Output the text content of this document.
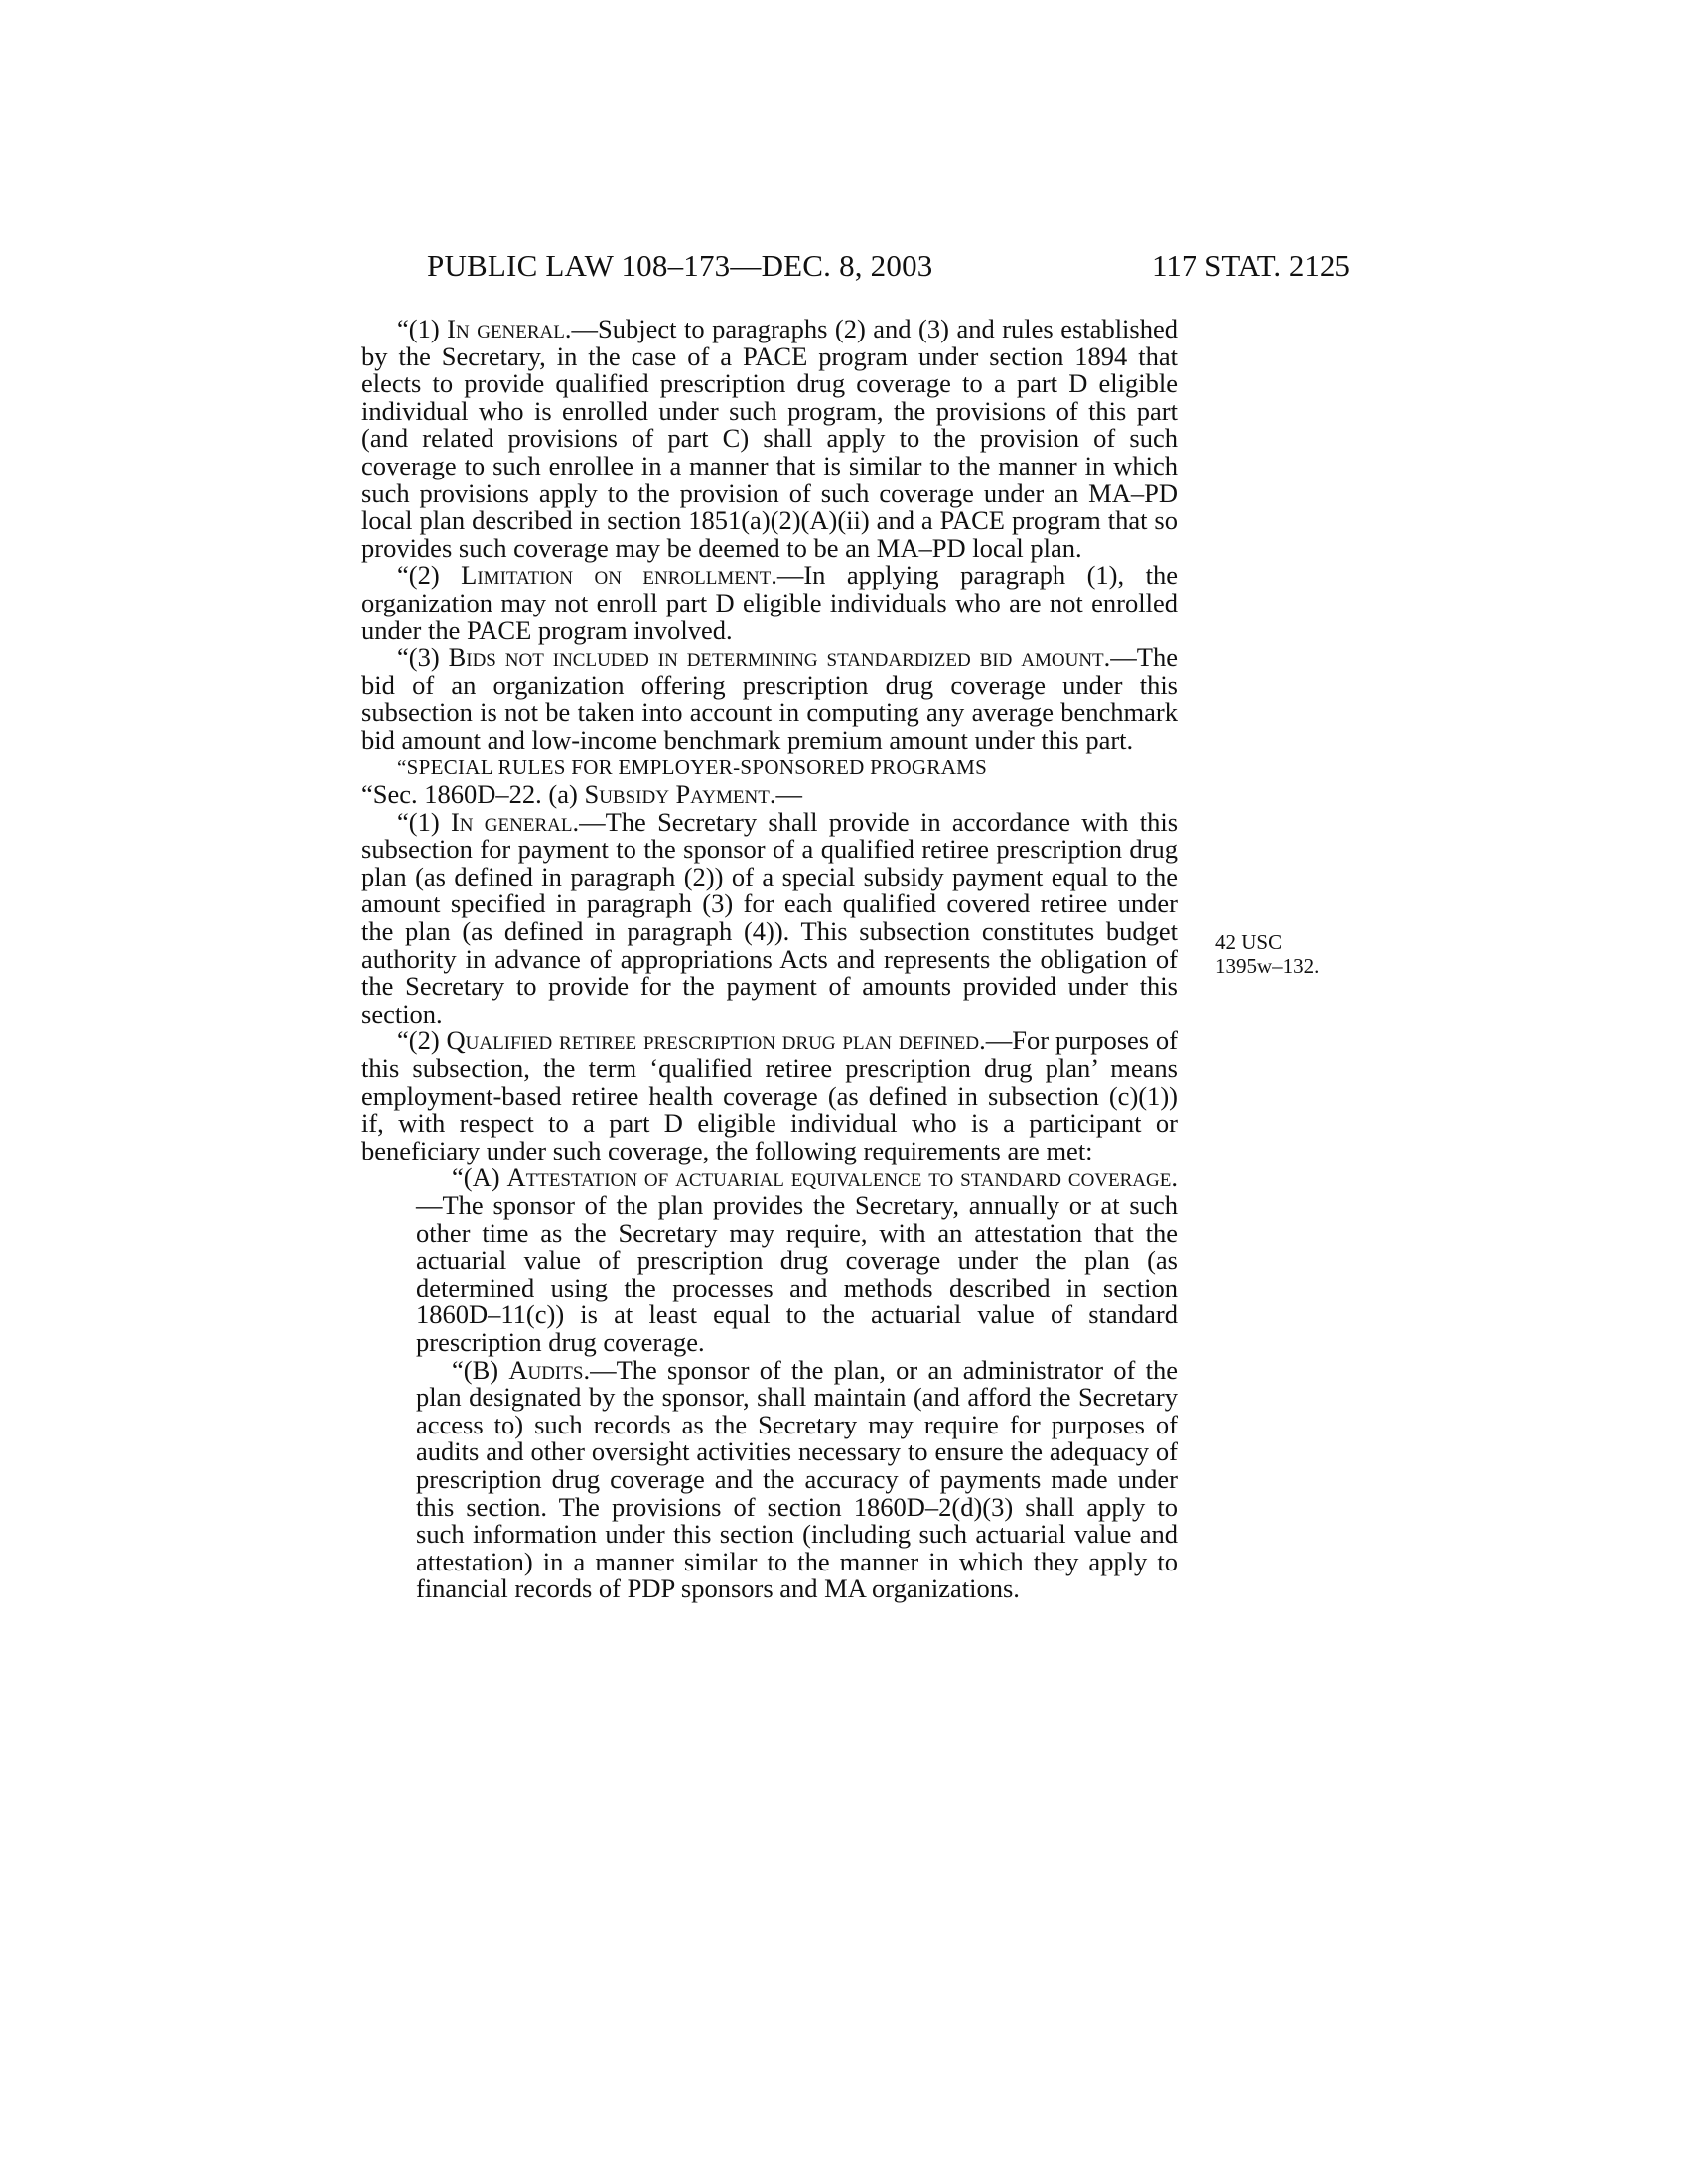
PUBLIC LAW 108–173—DEC. 8, 2003	117 STAT. 2125

“(1) In general.—Subject to paragraphs (2) and (3) and rules established by the Secretary, in the case of a PACE program under section 1894 that elects to provide qualified prescription drug coverage to a part D eligible individual who is enrolled under such program, the provisions of this part (and related provisions of part C) shall apply to the provision of such coverage to such enrollee in a manner that is similar to the manner in which such provisions apply to the provision of such coverage under an MA–PD local plan described in section 1851(a)(2)(A)(ii) and a PACE program that so provides such coverage may be deemed to be an MA–PD local plan.

“(2) Limitation on enrollment.—In applying paragraph (1), the organization may not enroll part D eligible individuals who are not enrolled under the PACE program involved.

“(3) Bids not included in determining standardized bid amount.—The bid of an organization offering prescription drug coverage under this subsection is not be taken into account in computing any average benchmark bid amount and low-income benchmark premium amount under this part.

“SPECIAL RULES FOR EMPLOYER-SPONSORED PROGRAMS

“Sec. 1860D–22. (a) Subsidy Payment.—

“(1) In general.—The Secretary shall provide in accordance with this subsection for payment to the sponsor of a qualified retiree prescription drug plan (as defined in paragraph (2)) of a special subsidy payment equal to the amount specified in paragraph (3) for each qualified covered retiree under the plan (as defined in paragraph (4)). This subsection constitutes budget authority in advance of appropriations Acts and represents the obligation of the Secretary to provide for the payment of amounts provided under this section.

“(2) Qualified retiree prescription drug plan defined.—For purposes of this subsection, the term ‘qualified retiree prescription drug plan’ means employment-based retiree health coverage (as defined in subsection (c)(1)) if, with respect to a part D eligible individual who is a participant or beneficiary under such coverage, the following requirements are met:

“(A) Attestation of actuarial equivalence to standard coverage.—The sponsor of the plan provides the Secretary, annually or at such other time as the Secretary may require, with an attestation that the actuarial value of prescription drug coverage under the plan (as determined using the processes and methods described in section 1860D–11(c)) is at least equal to the actuarial value of standard prescription drug coverage.

“(B) Audits.—The sponsor of the plan, or an administrator of the plan designated by the sponsor, shall maintain (and afford the Secretary access to) such records as the Secretary may require for purposes of audits and other oversight activities necessary to ensure the adequacy of prescription drug coverage and the accuracy of payments made under this section. The provisions of section 1860D–2(d)(3) shall apply to such information under this section (including such actuarial value and attestation) in a manner similar to the manner in which they apply to financial records of PDP sponsors and MA organizations.

42 USC
1395w–132.
